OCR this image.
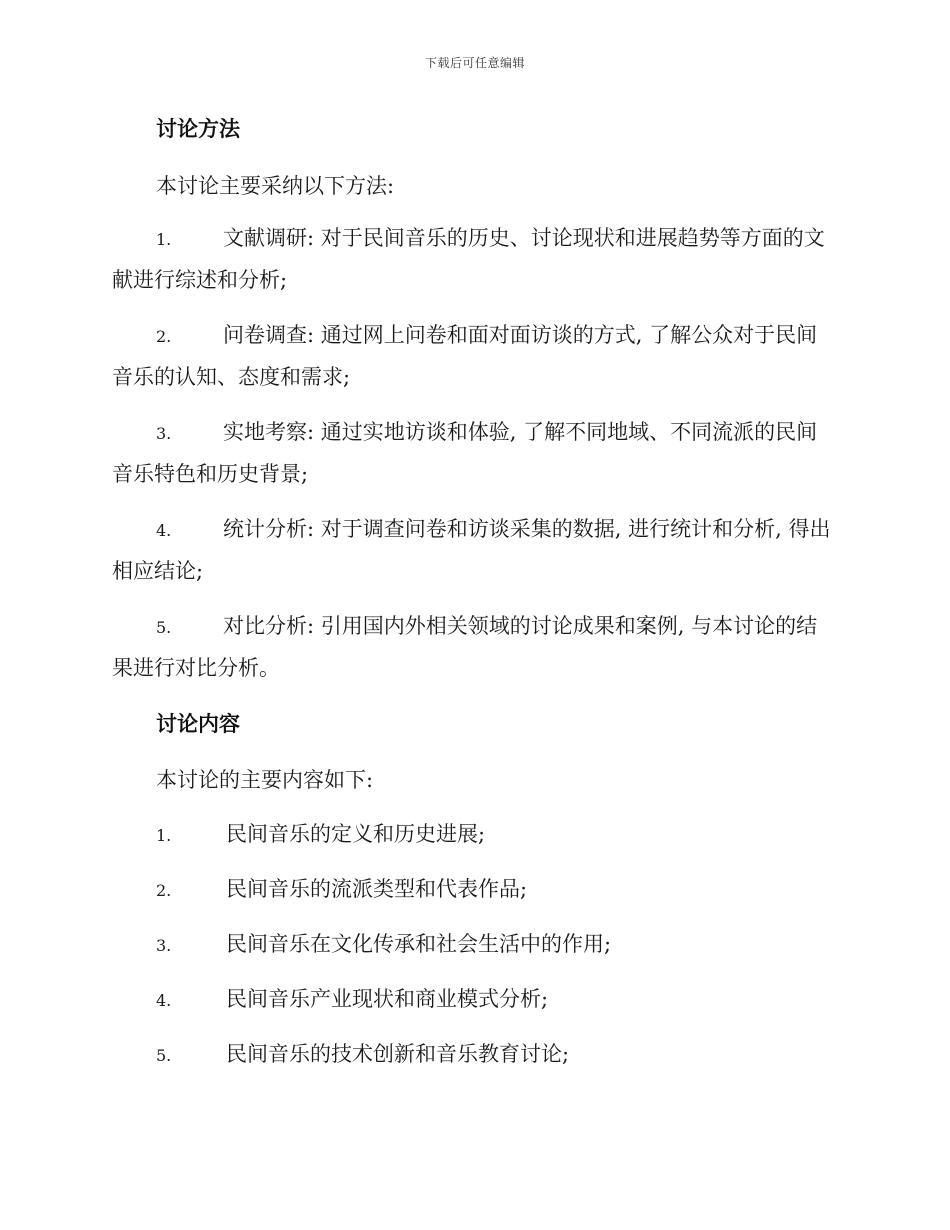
下载后可任意编辑
讨论方法
本讨论主要采纳以下方法:
1. 文献调研: 对于民间音乐的历史、讨论现状和进展趋势等方面的文献进行综述和分析;
2. 问卷调查: 通过网上问卷和面对面访谈的方式, 了解公众对于民间音乐的认知、态度和需求;
3. 实地考察: 通过实地访谈和体验, 了解不同地域、不同流派的民间音乐特色和历史背景;
4. 统计分析: 对于调查问卷和访谈采集的数据, 进行统计和分析, 得出相应结论;
5. 对比分析: 引用国内外相关领域的讨论成果和案例, 与本讨论的结果进行对比分析。
讨论内容
本讨论的主要内容如下:
1.	民间音乐的定义和历史进展;
2.	民间音乐的流派类型和代表作品;
3.	民间音乐在文化传承和社会生活中的作用;
4.	民间音乐产业现状和商业模式分析;
5.	民间音乐的技术创新和音乐教育讨论;
